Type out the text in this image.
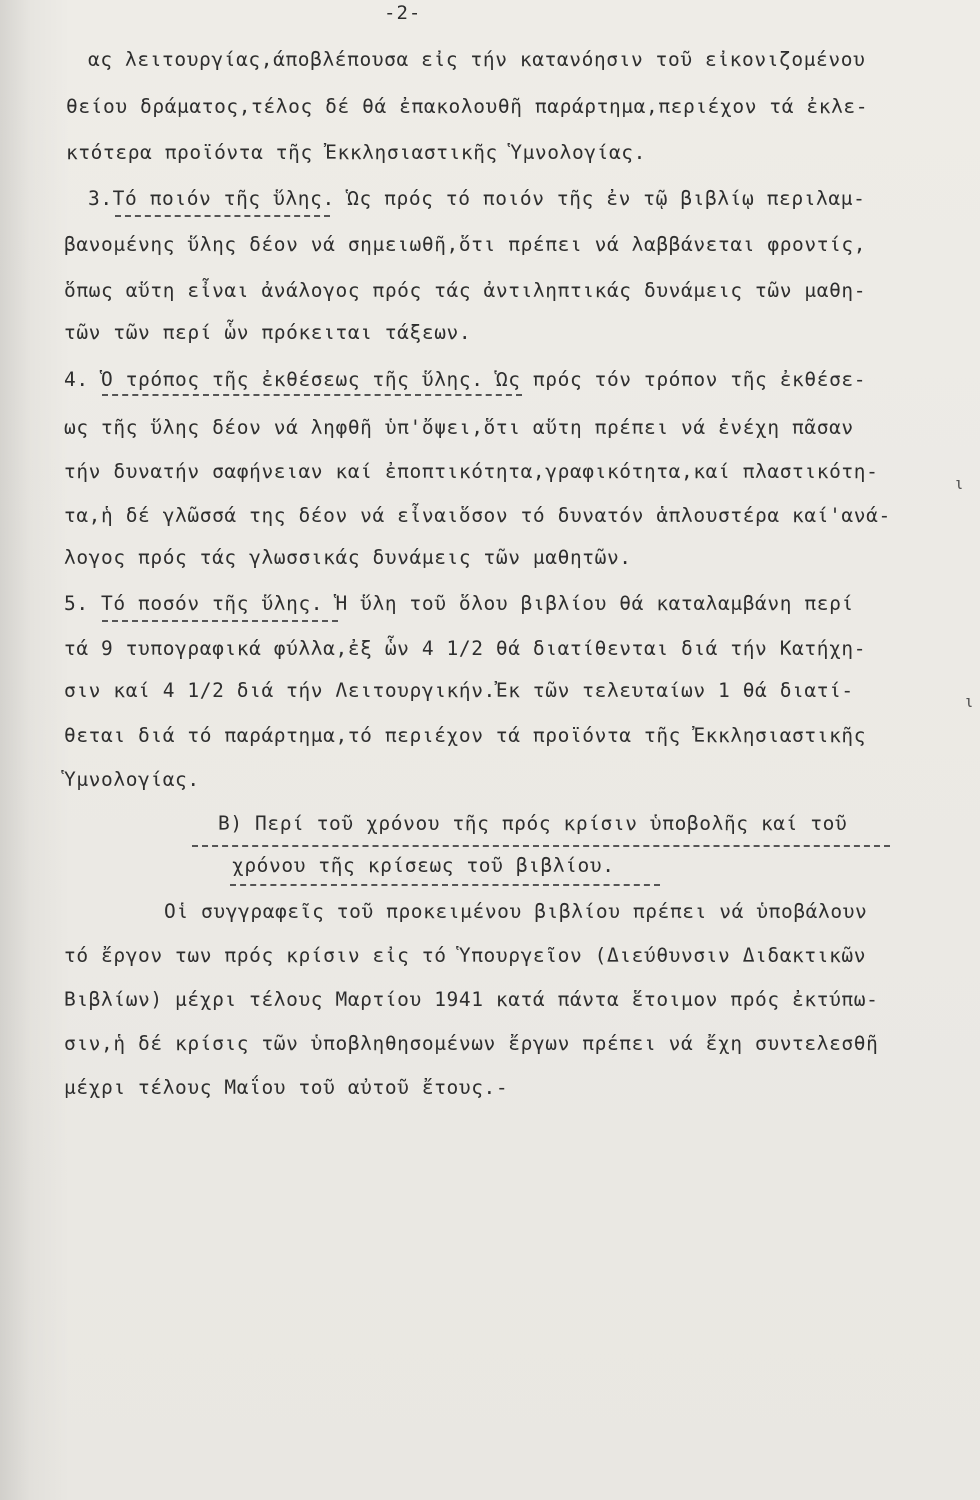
-2-
ας λειτουργίας,άποβλέπουσα εἰς τήν κατανόησιν τοῦ εἰκονιζομένου
θείου δράματος,τέλος δέ θά ἐπακολουθῆ παράρτημα,περιέχον τά ἐκλε-
κτότερα προϊόντα τῆς Ἐκκλησιαστικῆς Ὑμνολογίας.
3.Τό ποιόν τῆς ὕλης. Ὡς πρός τό ποιόν τῆς ἐν τῷ βιβλίῳ περιλαμ-
βανομένης ὕλης δέον νά σημειωθῆ,ὅτι πρέπει νά λαββάνεται φροντίς,
ὅπως αὕτη εἶναι ἀνάλογος πρός τάς ἀντιληπτικάς δυνάμεις τῶν μαθη-
τῶν τῶν περί ὧν πρόκειται τάξεων.
4. Ὁ τρόπος τῆς ἐκθέσεως τῆς ὕλης. Ὡς πρός τόν τρόπον τῆς ἐκθέσε-
ως τῆς ὕλης δέον νά ληφθῆ ὑπ'ὄψει,ὅτι αὕτη πρέπει νά ἐνέχη πᾶσαν
τήν δυνατήν σαφήνειαν καί ἐποπτικότητα,γραφικότητα,καί πλαστικότη-
τα,ἡ δέ γλῶσσά της δέον νά εἶναιὅσον τό δυνατόν ἁπλουστέρα καί'ανά-
λογος πρός τάς γλωσσικάς δυνάμεις τῶν μαθητῶν.
5. Τό ποσόν τῆς ὕλης. Ἡ ὕλη τοῦ ὅλου βιβλίου θά καταλαμβάνη περί
τά 9 τυπογραφικά φύλλα,ἐξ ὧν 4 1/2 θά διατίθενται διά τήν Κατήχη-
σιν καί 4 1/2 διά τήν Λειτουργικήν.Ἐκ τῶν τελευταίων 1 θά διατί-
θεται διά τό παράρτημα,τό περιέχον τά προϊόντα τῆς Ἐκκλησιαστικῆς
Ὑμνολογίας.
Β) Περί τοῦ χρόνου τῆς πρός κρίσιν ὑποβολῆς καί τοῦ
χρόνου τῆς κρίσεως τοῦ βιβλίου.
Οἱ συγγραφεῖς τοῦ προκειμένου βιβλίου πρέπει νά ὑποβάλουν
τό ἔργον των πρός κρίσιν εἰς τό Ὑπουργεῖον (Διεύθυνσιν Διδακτικῶν
Βιβλίων) μέχρι τέλους Μαρτίου 1941 κατά πάντα ἕτοιμον πρός ἐκτύπω-
σιν,ἡ δέ κρίσις τῶν ὑποβληθησομένων ἔργων πρέπει νά ἔχη συντελεσθῆ
μέχρι τέλους Μαΐου τοῦ αὐτοῦ ἔτους.-
ι
ι
